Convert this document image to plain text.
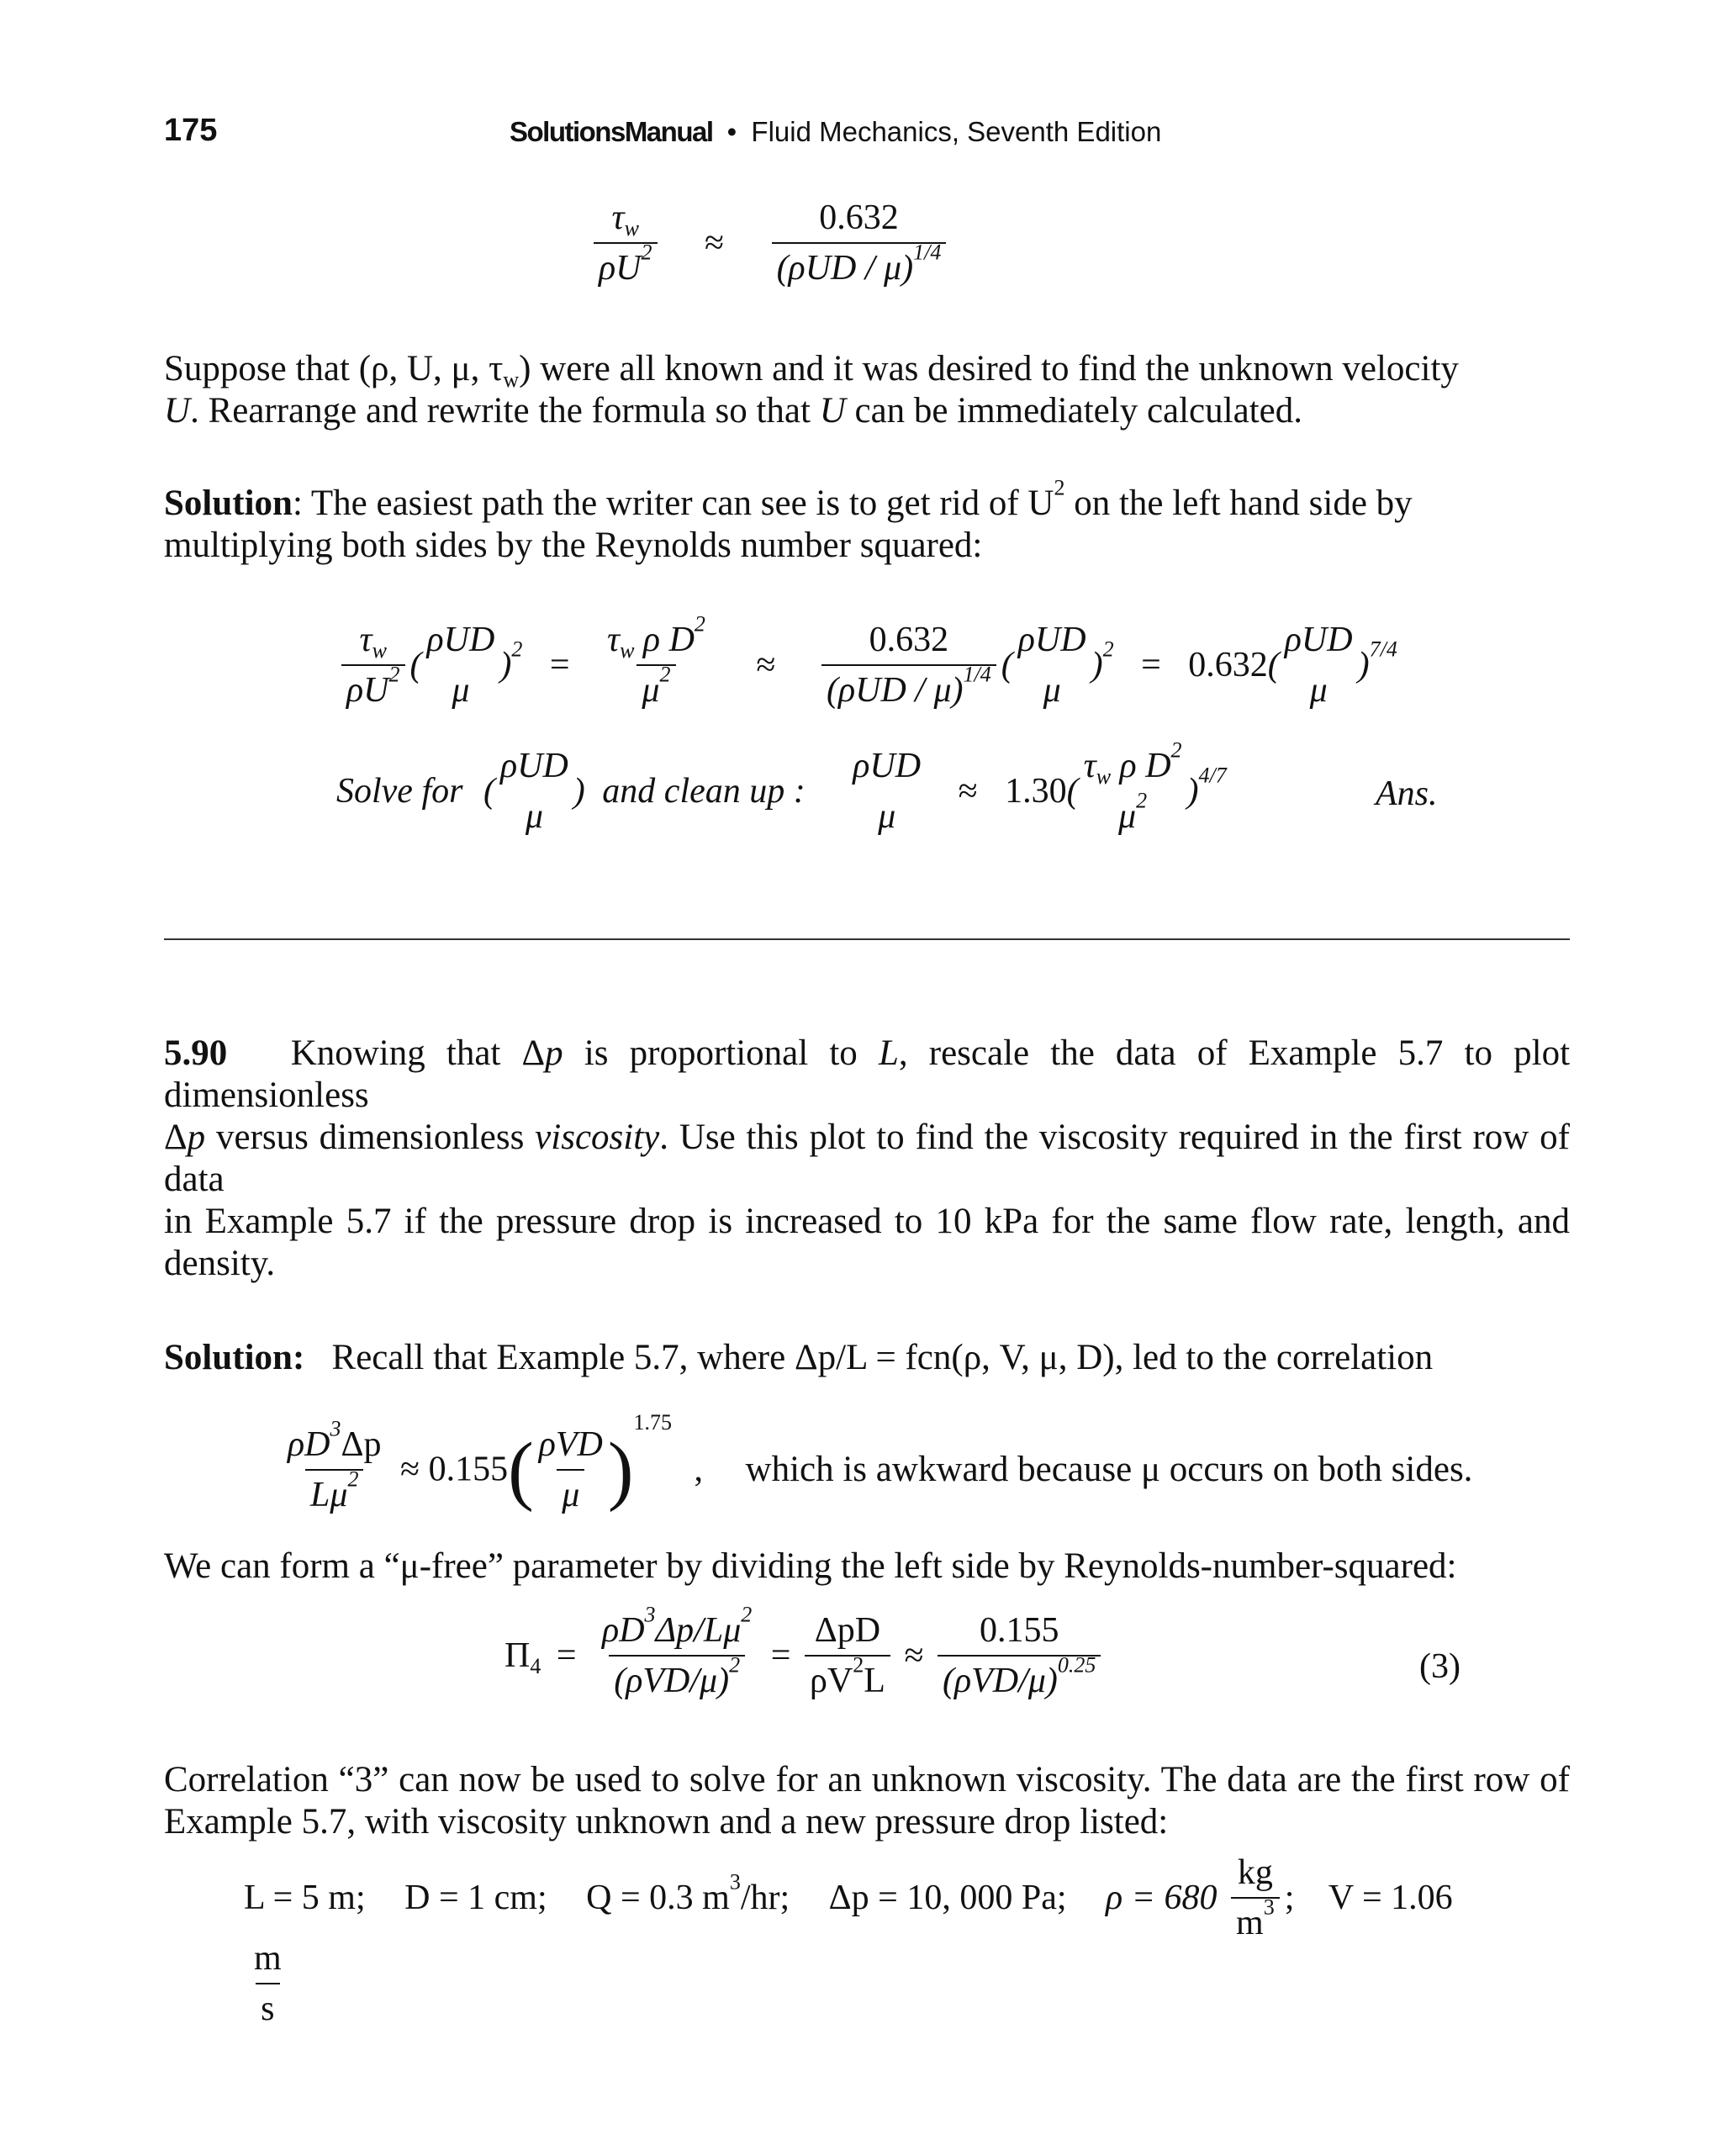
175	SolutionsManual • Fluid Mechanics, Seventh Edition
$\frac{\tau_w}{\rho U^2} \approx \frac{0.632}{(\rho UD / \mu)^{1/4}}$
Suppose that (ρ, U, μ, $\tau_w$) were all known and it was desired to find the unknown velocity
U. Rearrange and rewrite the formula so that U can be immediately calculated.
Solution: The easiest path the writer can see is to get rid of $U^2$ on the left hand side by
multiplying both sides by the Reynolds number squared:
$\frac{\tau_w}{\rho U^2}$ (
ρUD
μ
)$^2 = \frac{\tau_w \rho D^2}{\mu^2} \approx \frac{0.632}{(\rho UD / \mu)^{1/4}}$ (
ρUD
μ
)$^2$ = 0.632(
ρUD
μ
)$^{7/4}$
Solve for (
ρUD
μ
) and clean up :
ρUD
μ
≈ 1.30(
$\tau_w$ ρ $D^2$
$\mu^2$ )$^{4/7}$	Ans.
5.90 Knowing that Δp is proportional to L, rescale the data of Example 5.7 to plot dimensionless
Δp versus dimensionless viscosity. Use this plot to find the viscosity required in the first row of data
in Example 5.7 if the pressure drop is increased to 10 kPa for the same flow rate, length, and
density.
Solution: Recall that Example 5.7, where Δp/L = fcn(ρ, V, μ, D), led to the correlation
$\frac{\rho D^3\Delta p}{L\mu^2} \approx 0.155( \frac{\text{ρVD}}{\mu} )^{1.75}$ , which is awkward because μ occurs on both sides.
We can form a “μ-free” parameter by dividing the left side by Reynolds-number-squared:
$\Pi_4 = \frac{\rho D^3\Delta p/L\mu^2}{(\rho VD/\mu)^2} = \frac{\text{ΔpD}}{\rho V^2L} \approx \frac{0.155}{(\rho VD/\mu)^{0.25}}$	(3)
Correlation “3” can now be used to solve for an unknown viscosity. The data are the first row of
Example 5.7, with viscosity unknown and a new pressure drop listed:
L = 5 m; D = 1 cm; Q = 0.3 $m^3/hr$; Δp = 10, 000 Pa; $\rho = 680 \frac{kg}{m^3}$ ; V = 1.06
$\frac{m}{s}$
